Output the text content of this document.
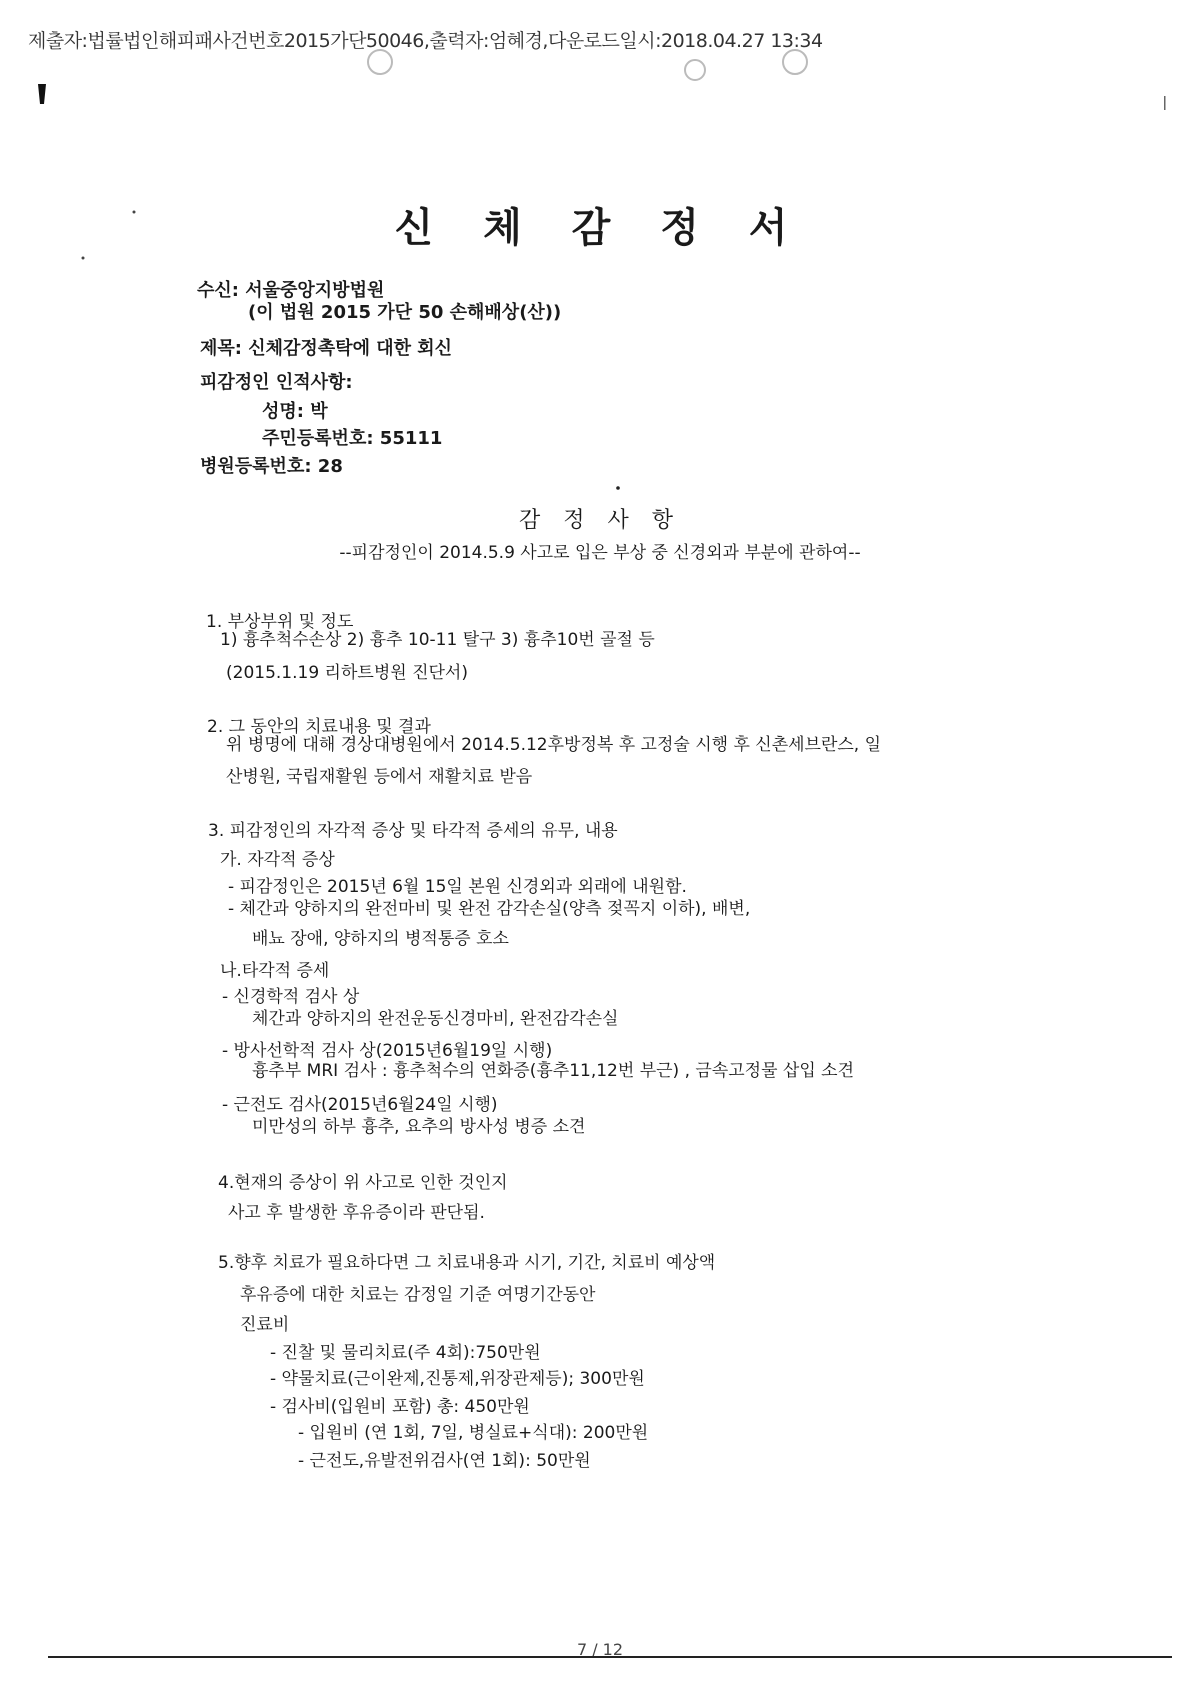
제출자:법률법인해피패사건번호2015가단50046,출력자:엄혜경,다운로드일시:2018.04.27 13:34
신 체 감 정 서
수신: 서울중앙지방법원
(이 법원 2015 가단 50 손해배상(산))
제목: 신체감정촉탁에 대한 회신
피감정인 인적사항:
성명: 박
주민등록번호: 55111
병원등록번호: 28
감 정 사 항
--피감정인이 2014.5.9 사고로 입은 부상 중 신경외과 부분에 관하여--
1. 부상부위 및 정도
1) 흉추척수손상 2) 흉추 10-11 탈구 3) 흉추10번 골절 등
(2015.1.19 리하트병원 진단서)
2. 그 동안의 치료내용 및 결과
위 병명에 대해 경상대병원에서 2014.5.12후방정복 후 고정술 시행 후 신촌세브란스, 일
산병원, 국립재활원 등에서 재활치료 받음
3. 피감정인의 자각적 증상 및 타각적 증세의 유무, 내용
가. 자각적 증상
- 피감정인은 2015년 6월 15일 본원 신경외과 외래에 내원함.
- 체간과 양하지의 완전마비 및 완전 감각손실(양측 젖꼭지 이하), 배변,
배뇨 장애, 양하지의 병적통증 호소
나.타각적 증세
- 신경학적 검사 상
체간과 양하지의 완전운동신경마비, 완전감각손실
- 방사선학적 검사 상(2015년6월19일 시행)
흉추부 MRI 검사 : 흉추척수의 연화증(흉추11,12번 부근) , 금속고정물 삽입 소견
- 근전도 검사(2015년6월24일 시행)
미만성의 하부 흉추, 요추의 방사성 병증 소견
4.현재의 증상이 위 사고로 인한 것인지
사고 후 발생한 후유증이라 판단됨.
5.향후 치료가 필요하다면 그 치료내용과 시기, 기간, 치료비 예상액
후유증에 대한 치료는 감정일 기준 여명기간동안
진료비
- 진찰 및 물리치료(주 4회):750만원
- 약물치료(근이완제,진통제,위장관제등); 300만원
- 검사비(입원비 포함) 총: 450만원
- 입원비 (연 1회, 7일, 병실료+식대): 200만원
- 근전도,유발전위검사(연 1회): 50만원
7 / 12
